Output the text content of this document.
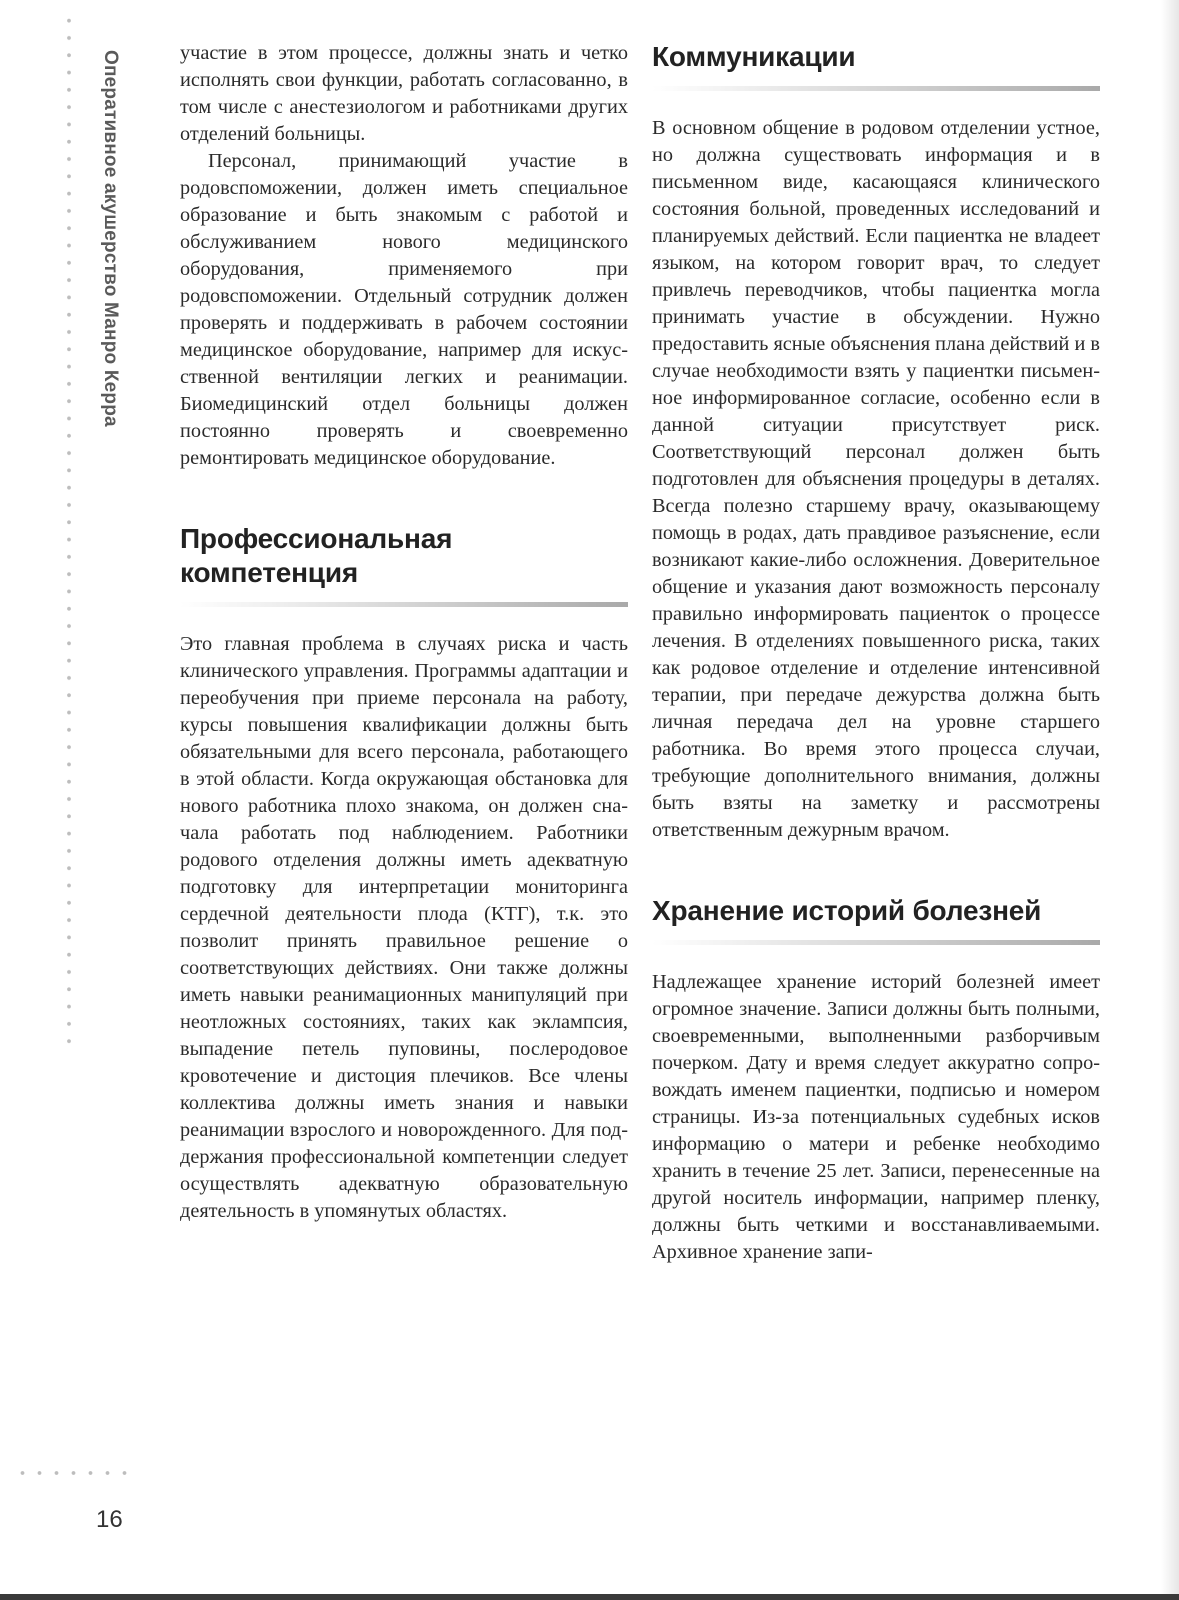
Оперативное акушерство Манро Керра
16

участие в этом процессе, должны знать и четко исполнять свои функции, работать согласованно, в том числе с анестезиологом и работниками других отделений больницы.

Персонал, принимающий участие в родовспоможении, должен иметь специальное образование и быть знакомым с работой и обслуживанием нового медицинского оборудования, применяемого при родовспоможении. Отдельный сотрудник должен проверять и поддерживать в рабочем состоянии медицинское оборудование, например для искусственной вентиляции легких и реанимации. Биомедицинский отдел больницы должен постоянно проверять и своевременно ремонтировать медицинское оборудование.

Профессиональная
компетенция

Это главная проблема в случаях риска и часть клинического управления. Программы адаптации и переобучения при приеме персонала на работу, курсы повышения квалификации должны быть обязательными для всего персонала, работающего в этой области. Когда окружающая обстановка для нового работника плохо знакома, он должен сначала работать под наблюдением. Работники родового отделения должны иметь адекватную подготовку для интерпретации мониторинга сердечной деятельности плода (КТГ), т.к. это позволит принять правильное решение о соответствующих действиях. Они также должны иметь навыки реанимационных манипуляций при неотложных состояниях, таких как эклампсия, выпадение петель пуповины, послеродовое кровотечение и дистоция плечиков. Все члены коллектива должны иметь знания и навыки реанимации взрослого и новорожденного. Для поддержания профессиональной компетенции следует осуществлять адекватную образовательную деятельность в упомянутых областях.

Коммуникации

В основном общение в родовом отделении устное, но должна существовать информация и в письменном виде, касающаяся клинического состояния больной, проведенных исследований и планируемых действий. Если пациентка не владеет языком, на котором говорит врач, то следует привлечь переводчиков, чтобы пациентка могла принимать участие в обсуждении. Нужно предоставить ясные объяснения плана действий и в случае необходимости взять у пациентки письменное информированное согласие, особенно если в данной ситуации присутствует риск. Соответствующий персонал должен быть подготовлен для объяснения процедуры в деталях. Всегда полезно старшему врачу, оказывающему помощь в родах, дать правдивое разъяснение, если возникают какие-либо осложнения. Доверительное общение и указания дают возможность персоналу правильно информировать пациенток о процессе лечения. В отделениях повышенного риска, таких как родовое отделение и отделение интенсивной терапии, при передаче дежурства должна быть личная передача дел на уровне старшего работника. Во время этого процесса случаи, требующие дополнительного внимания, должны быть взяты на заметку и рассмотрены ответственным дежурным врачом.

Хранение историй болезней

Надлежащее хранение историй болезней имеет огромное значение. Записи должны быть полными, своевременными, выполненными разборчивым почерком. Дату и время следует аккуратно сопровождать именем пациентки, подписью и номером страницы. Из-за потенциальных судебных исков информацию о матери и ребенке необходимо хранить в течение 25 лет. Записи, перенесенные на другой носитель информации, например пленку, должны быть четкими и восстанавливаемыми. Архивное хранение запи-
